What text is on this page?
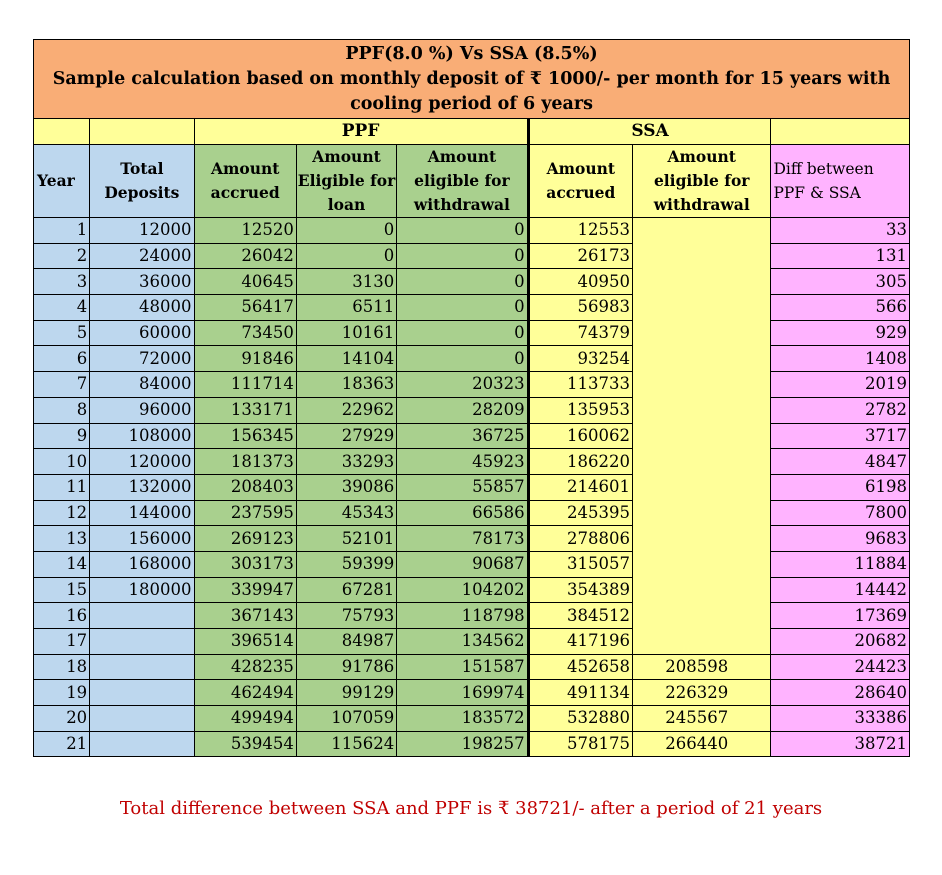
PPF(8.0 %) Vs SSA (8.5%)
Sample calculation based on monthly deposit of ₹ 1000/- per month for 15 years with cooling period of 6 years							

		PPF			SSA		
Year	Total Deposits	Amount accrued	Amount Eligible for loan	Amount eligible for withdrawal	Amount accrued	Amount eligible for withdrawal	Diff between PPF & SSA
1	12000	12520	0	0	12553		33
2	24000	26042	0	0	26173		131
3	36000	40645	3130	0	40950		305
4	48000	56417	6511	0	56983		566
5	60000	73450	10161	0	74379		929
6	72000	91846	14104	0	93254		1408
7	84000	111714	18363	20323	113733		2019
8	96000	133171	22962	28209	135953		2782
9	108000	156345	27929	36725	160062		3717
10	120000	181373	33293	45923	186220		4847
11	132000	208403	39086	55857	214601		6198
12	144000	237595	45343	66586	245395		7800
13	156000	269123	52101	78173	278806		9683
14	168000	303173	59399	90687	315057		11884
15	180000	339947	67281	104202	354389		14442
16		367143	75793	118798	384512		17369
17		396514	84987	134562	417196		20682
18		428235	91786	151587	452658	208598	24423
19		462494	99129	169974	491134	226329	28640
20		499494	107059	183572	532880	245567	33386
21		539454	115624	198257	578175	266440	38721
Total difference between SSA and PPF is ₹ 38721/- after a period of 21 years
